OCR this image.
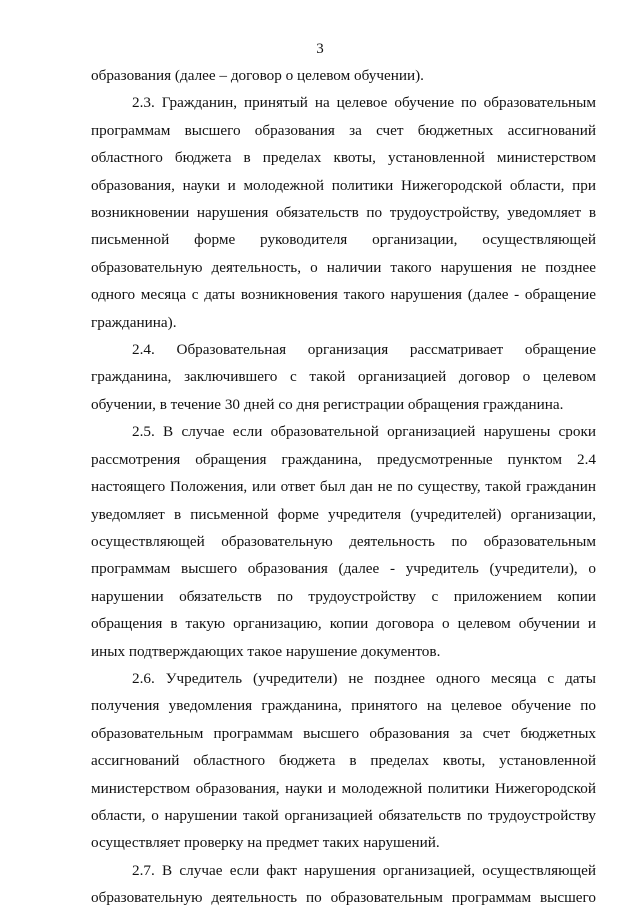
3

образования (далее – договор о целевом обучении).

2.3. Гражданин, принятый на целевое обучение по образовательным программам высшего образования за счет бюджетных ассигнований областного бюджета в пределах квоты, установленной министерством образования, науки и молодежной политики Нижегородской области, при возникновении нарушения обязательств по трудоустройству, уведомляет в письменной форме руководителя организации, осуществляющей образовательную деятельность, о наличии такого нарушения не позднее одного месяца с даты возникновения такого нарушения (далее - обращение гражданина).

2.4. Образовательная организация рассматривает обращение гражданина, заключившего с такой организацией договор о целевом обучении, в течение 30 дней со дня регистрации обращения гражданина.

2.5. В случае если образовательной организацией нарушены сроки рассмотрения обращения гражданина, предусмотренные пунктом 2.4 настоящего Положения, или ответ был дан не по существу, такой гражданин уведомляет в письменной форме учредителя (учредителей) организации, осуществляющей образовательную деятельность по образовательным программам высшего образования (далее - учредитель (учредители), о нарушении обязательств по трудоустройству с приложением копии обращения в такую организацию, копии договора о целевом обучении и иных подтверждающих такое нарушение документов.

2.6. Учредитель (учредители) не позднее одного месяца с даты получения уведомления гражданина, принятого на целевое обучение по образовательным программам высшего образования за счет бюджетных ассигнований областного бюджета в пределах квоты, установленной министерством образования, науки и молодежной политики Нижегородской области, о нарушении такой организацией обязательств по трудоустройству осуществляет проверку на предмет таких нарушений.

2.7. В случае если факт нарушения организацией, осуществляющей образовательную деятельность по образовательным программам высшего
